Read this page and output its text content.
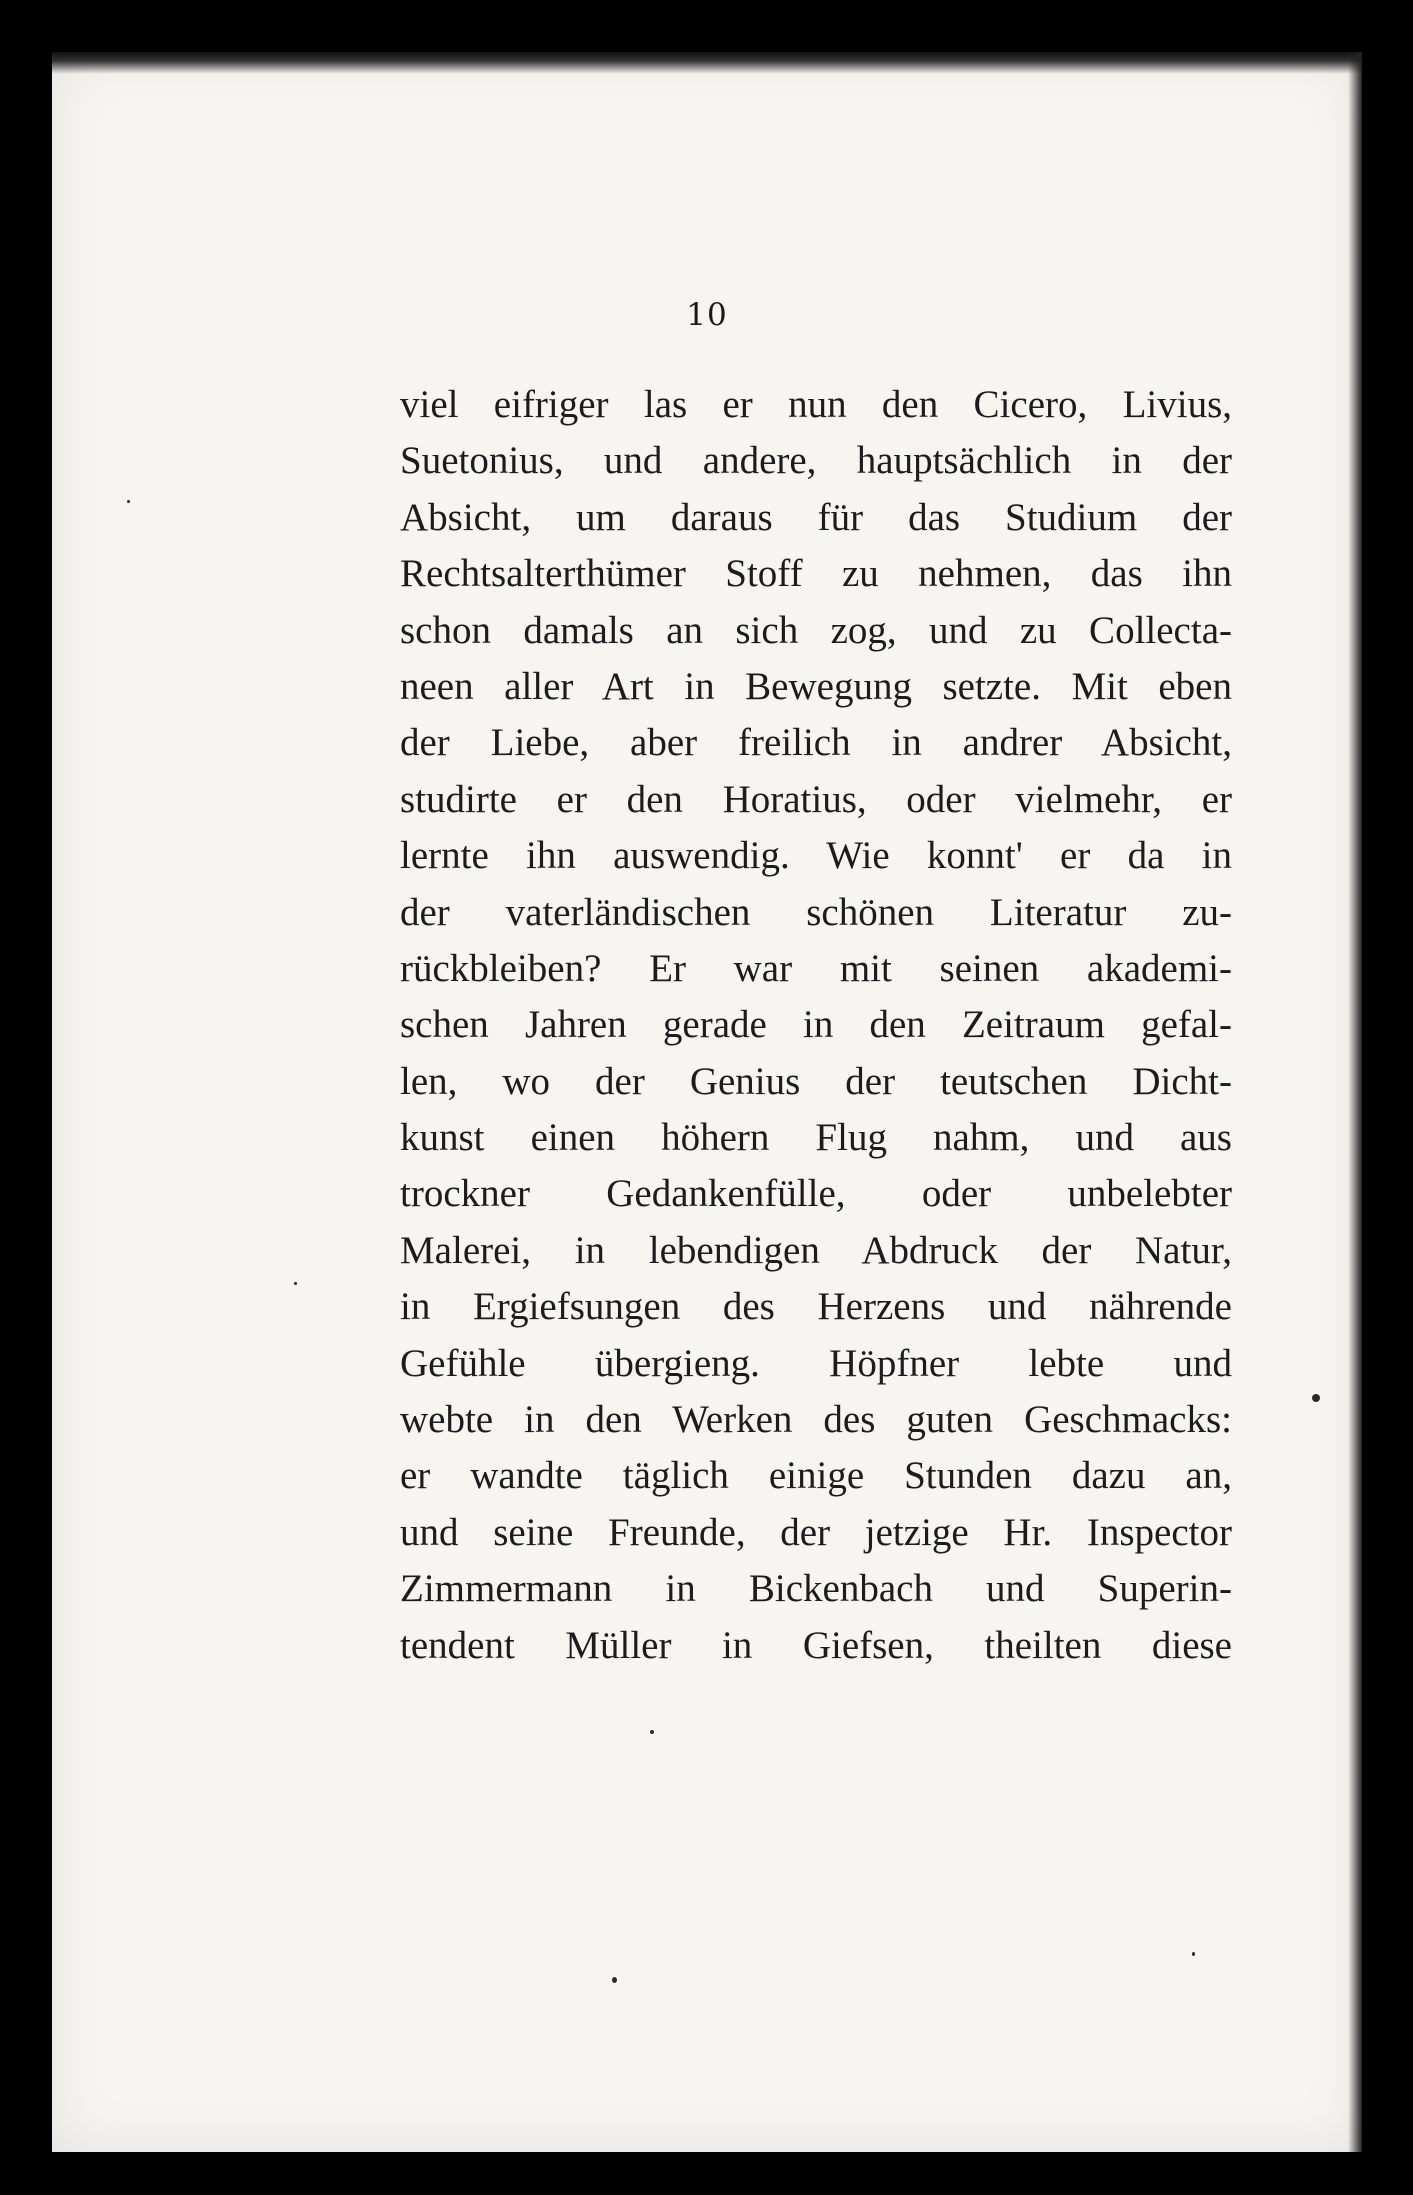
10
viel eifriger las er nun den Cicero, Livius,
Suetonius, und andere, hauptsächlich in der
Absicht, um daraus für das Studium der
Rechtsalterthümer Stoff zu nehmen, das ihn
schon damals an sich zog, und zu Collecta-
neen aller Art in Bewegung setzte. Mit eben
der Liebe, aber freilich in andrer Absicht,
studirte er den Horatius, oder vielmehr, er
lernte ihn auswendig. Wie konnt' er da in
der vaterländischen schönen Literatur zu-
rückbleiben? Er war mit seinen akademi-
schen Jahren gerade in den Zeitraum gefal-
len, wo der Genius der teutschen Dicht-
kunst einen höhern Flug nahm, und aus
trockner Gedankenfülle, oder unbelebter
Malerei, in lebendigen Abdruck der Natur,
in Ergiefsungen des Herzens und nährende
Gefühle übergieng. Höpfner lebte und
webte in den Werken des guten Geschmacks:
er wandte täglich einige Stunden dazu an,
und seine Freunde, der jetzige Hr. Inspector
Zimmermann in Bickenbach und Superin-
tendent Müller in Giefsen, theilten diese
